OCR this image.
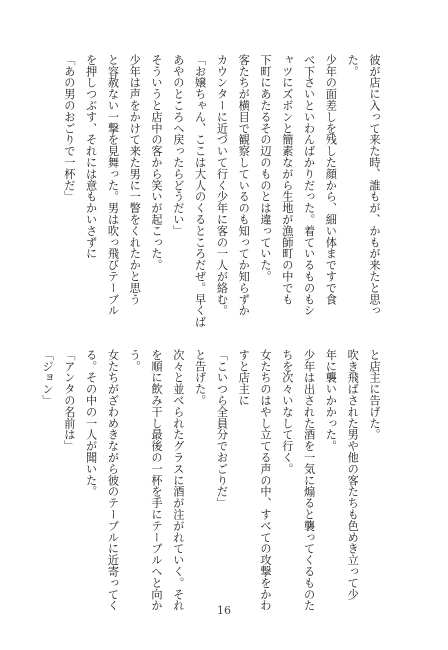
彼が店に入って来た時、誰もが、かもが来たと思っ
た。
少年の面差しを残した顔から、細い体まですで食
べ下さいといわんばかりだった。着ているものもシ
ャツにズボンと簡素ながら生地が漁師町の中でも
下町にあたるその辺のものとは違っていた。
客たちが横目で観察しているのも知ってか知らずか
カウンターに近づいて行く少年に客の一人が絡む。
「お嬢ちゃん、ここは大人のくるところだぜ。早くば
あやのところへ戻ったらどうだい」
そういうと店中の客から笑いが起こった。
少年は声をかけて来た男に一瞥をくれたかと思う
と容赦ない一撃を見舞った。男は吹っ飛びテーブル
を押しつぶす、それには意もかいさずに
「あの男のおごりで一杯だ」
と店主に告げた。
吹き飛ばされた男や他の客たちも色めき立って少
年に襲いかかった。
少年は出された酒を一気に煽ると襲ってくるものた
ちを次々いなして行く。
女たちのはやし立てる声の中、すべての攻撃をかわ
すと店主に
「こいつら全員分でおごりだ」
と告げた。
次々と並べられたグラスに酒が注がれていく。それ
を順に飲み干し最後の一杯を手にテーブルへと向か
う。
女たちがざわめきながら彼のテーブルに近寄ってく
る。その中の一人が聞いた。
「アンタの名前は」
「ジョン」
16
